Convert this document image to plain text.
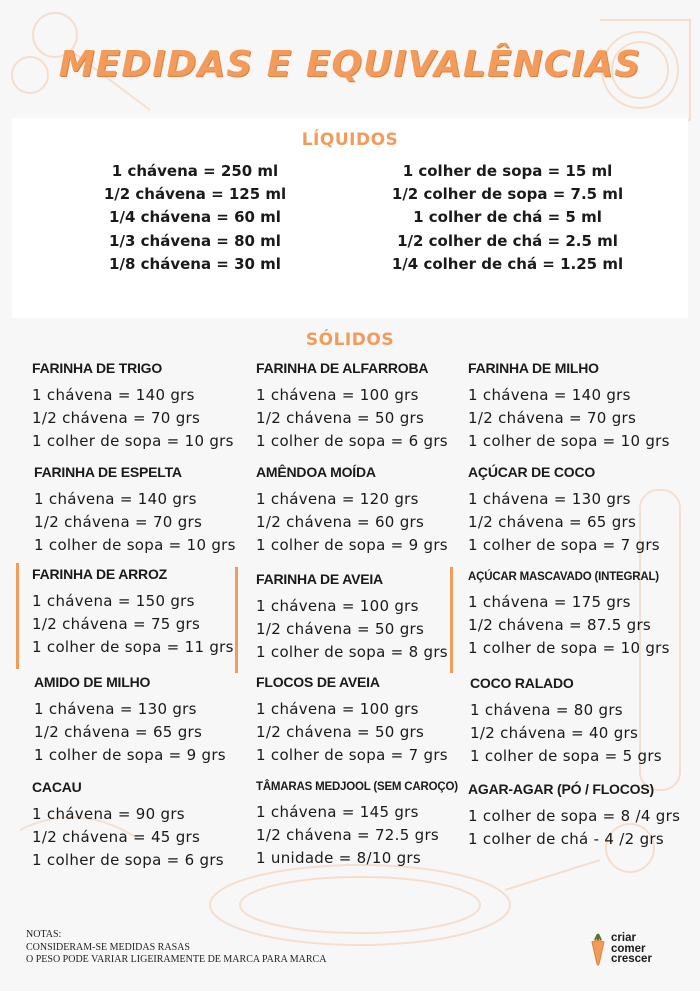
MEDIDAS E EQUIVALÊNCIAS
LÍQUIDOS
1 chávena = 250 ml
1/2 chávena = 125 ml
1/4 chávena = 60 ml
1/3 chávena = 80 ml
1/8 chávena = 30 ml
1 colher de sopa = 15 ml
1/2 colher de sopa = 7.5 ml
1 colher de chá = 5 ml
1/2 colher de chá = 2.5 ml
1/4 colher de chá = 1.25 ml
SÓLIDOS
FARINHA DE TRIGO
1 chávena = 140 grs
1/2 chávena = 70 grs
1 colher de sopa = 10 grs
FARINHA DE ALFARROBA
1 chávena = 100 grs
1/2 chávena = 50 grs
1 colher de sopa = 6 grs
FARINHA DE MILHO
1 chávena = 140 grs
1/2 chávena = 70 grs
1 colher de sopa = 10 grs
FARINHA DE ESPELTA
1 chávena = 140 grs
1/2 chávena = 70 grs
1 colher de sopa = 10 grs
AMÊNDOA MOÍDA
1 chávena = 120 grs
1/2 chávena = 60 grs
1 colher de sopa = 9 grs
AÇÚCAR DE COCO
1 chávena = 130 grs
1/2 chávena = 65 grs
1 colher de sopa = 7 grs
FARINHA DE ARROZ
1 chávena = 150 grs
1/2 chávena = 75 grs
1 colher de sopa = 11 grs
FARINHA DE AVEIA
1 chávena = 100 grs
1/2 chávena = 50 grs
1 colher de sopa = 8 grs
AÇÚCAR MASCAVADO (INTEGRAL)
1 chávena = 175 grs
1/2 chávena = 87.5 grs
1 colher de sopa = 10 grs
AMIDO DE MILHO
1 chávena = 130 grs
1/2 chávena = 65 grs
1 colher de sopa = 9 grs
FLOCOS DE AVEIA
1 chávena = 100 grs
1/2 chávena = 50 grs
1 colher de sopa = 7 grs
COCO RALADO
1 chávena = 80 grs
1/2 chávena = 40 grs
1 colher de sopa = 5 grs
CACAU
1 chávena = 90 grs
1/2 chávena = 45 grs
1 colher de sopa = 6 grs
TÂMARAS MEDJOOL (SEM CAROÇO)
1 chávena = 145 grs
1/2 chávena = 72.5 grs
1 unidade = 8/10 grs
AGAR-AGAR (PÓ / FLOCOS)
1 colher de sopa = 8 /4 grs
1 colher de chá - 4 /2 grs
NOTAS:
CONSIDERAM-SE MEDIDAS RASAS
O PESO PODE VARIAR LIGEIRAMENTE DE MARCA PARA MARCA
criar
comer
crescer
